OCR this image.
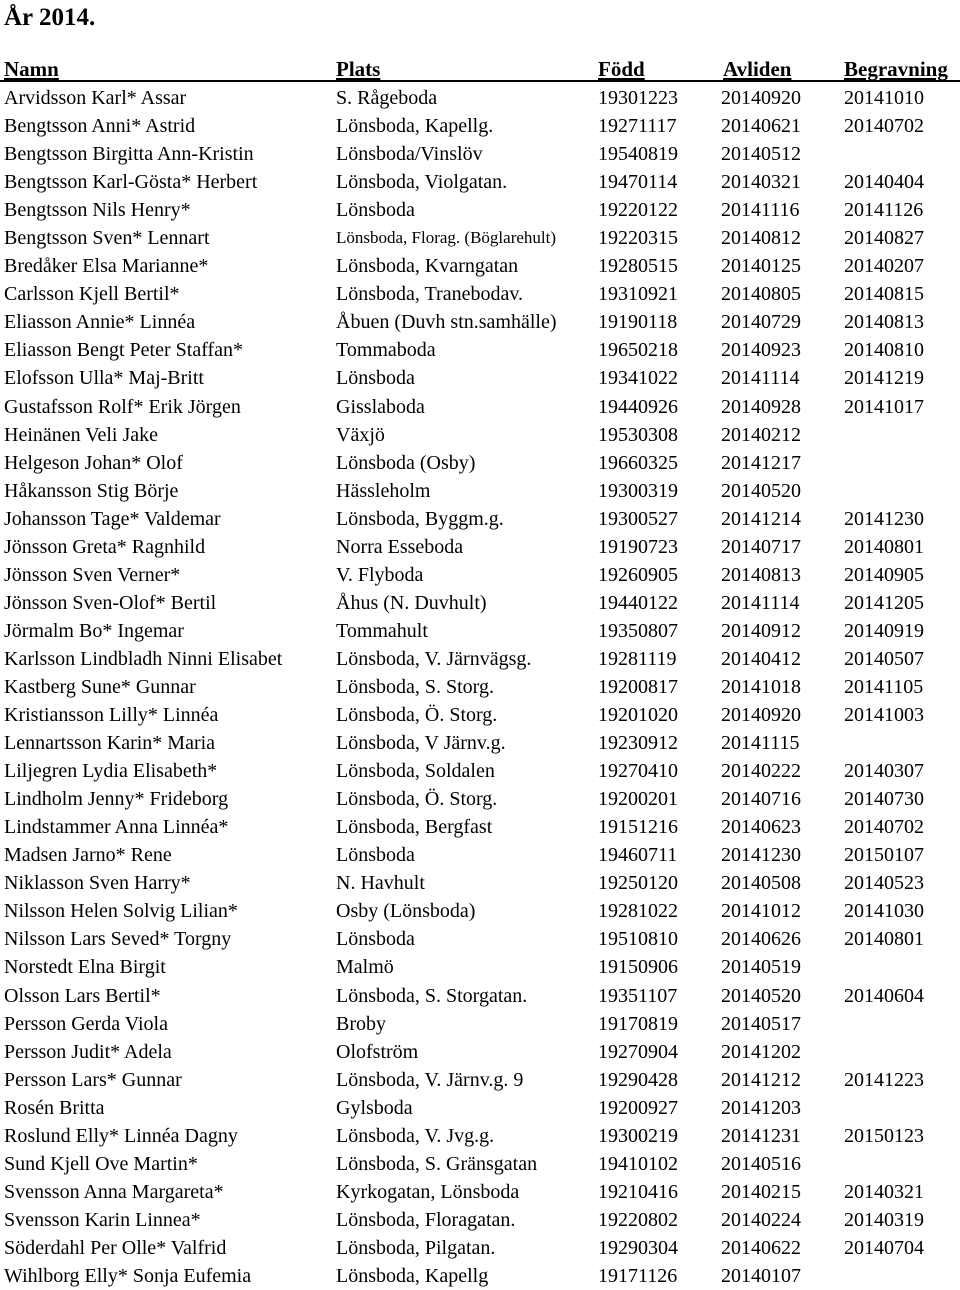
År 2014.
Namn	Plats	Född	Avliden	Begravning
Arvidsson Karl* Assar	S. Rågeboda	19301223 20140920 20141010
Bengtsson Anni* Astrid	Lönsboda, Kapellg.	19271117 20140621 20140702
Bengtsson Birgitta Ann-Kristin	Lönsboda/Vinslöv	19540819 20140512
Bengtsson Karl-Gösta* Herbert	Lönsboda, Violgatan.	19470114 20140321 20140404
Bengtsson Nils Henry*	Lönsboda	19220122 20141116 20141126
Bengtsson Sven* Lennart	Lönsboda, Florag. (Böglarehult) 19220315 20140812 20140827
Bredåker Elsa Marianne*	Lönsboda, Kvarngatan	19280515 20140125 20140207
Carlsson Kjell Bertil*	Lönsboda, Tranebodav.	19310921 20140805 20140815
Eliasson Annie* Linnéa	Åbuen (Duvh stn.samhälle) 19190118 20140729 20140813
Eliasson Bengt Peter Staffan*	Tommaboda	19650218 20140923 20140810
Elofsson Ulla* Maj-Britt	Lönsboda	19341022 20141114 20141219
Gustafsson Rolf* Erik Jörgen	Gisslaboda	19440926 20140928 20141017
Heinänen Veli Jake	Växjö	19530308 20140212
Helgeson Johan* Olof	Lönsboda (Osby)	19660325 20141217
Håkansson Stig Börje	Hässleholm	19300319 20140520
Johansson Tage* Valdemar	Lönsboda, Byggm.g.	19300527 20141214 20141230
Jönsson Greta* Ragnhild	Norra Esseboda	19190723 20140717 20140801
Jönsson Sven Verner*	V. Flyboda	19260905 20140813 20140905
Jönsson Sven-Olof* Bertil	Åhus (N. Duvhult)	19440122 20141114 20141205
Jörmalm Bo* Ingemar	Tommahult	19350807 20140912 20140919
Karlsson Lindbladh Ninni Elisabet	Lönsboda, V. Järnvägsg.	19281119 20140412 20140507
Kastberg Sune* Gunnar	Lönsboda, S. Storg.	19200817 20141018 20141105
Kristiansson Lilly* Linnéa	Lönsboda, Ö. Storg.	19201020 20140920 20141003
Lennartsson Karin* Maria	Lönsboda, V Järnv.g.	19230912 20141115
Liljegren Lydia Elisabeth*	Lönsboda, Soldalen	19270410 20140222 20140307
Lindholm Jenny* Frideborg	Lönsboda, Ö. Storg.	19200201 20140716 20140730
Lindstammer Anna Linnéa*	Lönsboda, Bergfast	19151216 20140623 20140702
Madsen Jarno* Rene	Lönsboda	19460711 20141230 20150107
Niklasson Sven Harry*	N. Havhult	19250120 20140508 20140523
Nilsson Helen Solvig Lilian*	Osby (Lönsboda)	19281022 20141012 20141030
Nilsson Lars Seved* Torgny	Lönsboda	19510810 20140626 20140801
Norstedt Elna Birgit	Malmö	19150906 20140519
Olsson Lars Bertil*	Lönsboda, S. Storgatan.	19351107 20140520 20140604
Persson Gerda Viola	Broby	19170819 20140517
Persson Judit* Adela	Olofström	19270904 20141202
Persson Lars* Gunnar	Lönsboda, V. Järnv.g. 9	19290428 20141212 20141223
Rosén Britta	Gylsboda	19200927 20141203
Roslund Elly* Linnéa Dagny	Lönsboda, V. Jvg.g.	19300219 20141231 20150123
Sund Kjell Ove Martin*	Lönsboda, S. Gränsgatan	19410102 20140516
Svensson Anna Margareta*	Kyrkogatan, Lönsboda	19210416 20140215 20140321
Svensson Karin Linnea*	Lönsboda, Floragatan.	19220802 20140224 20140319
Söderdahl Per Olle* Valfrid	Lönsboda, Pilgatan.	19290304 20140622 20140704
Wihlborg Elly* Sonja Eufemia	Lönsboda, Kapellg	19171126 20140107
